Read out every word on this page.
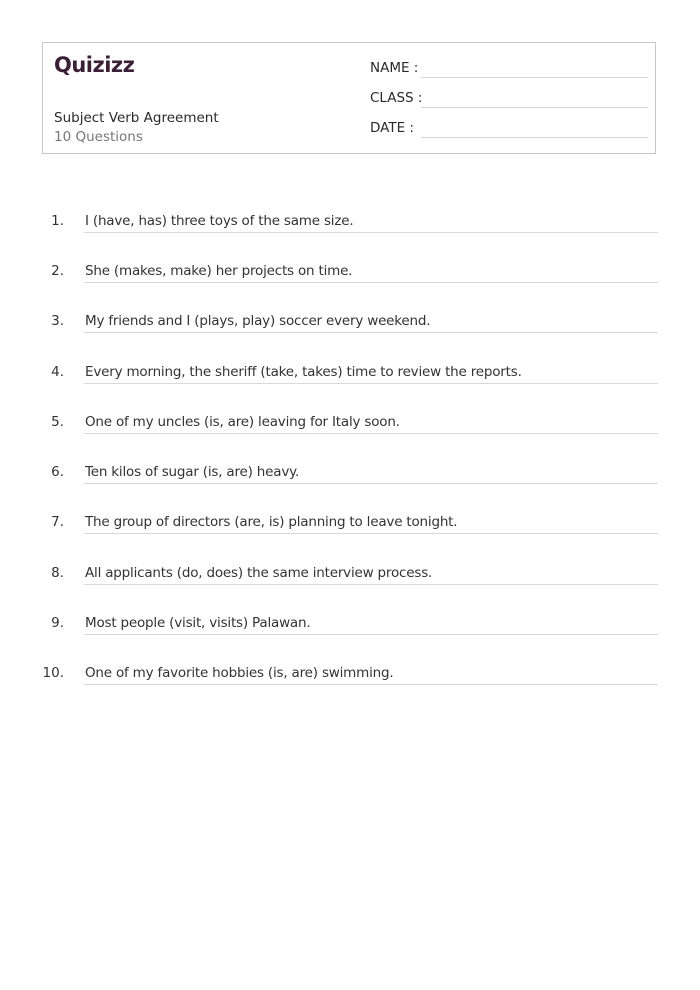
Quizizz
Subject Verb Agreement
10 Questions
NAME :
CLASS :
DATE :
1. I (have, has) three toys of the same size.
2. She (makes, make) her projects on time.
3. My friends and I (plays, play) soccer every weekend.
4. Every morning, the sheriff (take, takes) time to review the reports.
5. One of my uncles (is, are) leaving for Italy soon.
6. Ten kilos of sugar (is, are) heavy.
7. The group of directors (are, is) planning to leave tonight.
8. All applicants (do, does) the same interview process.
9. Most people (visit, visits) Palawan.
10. One of my favorite hobbies (is, are) swimming.
